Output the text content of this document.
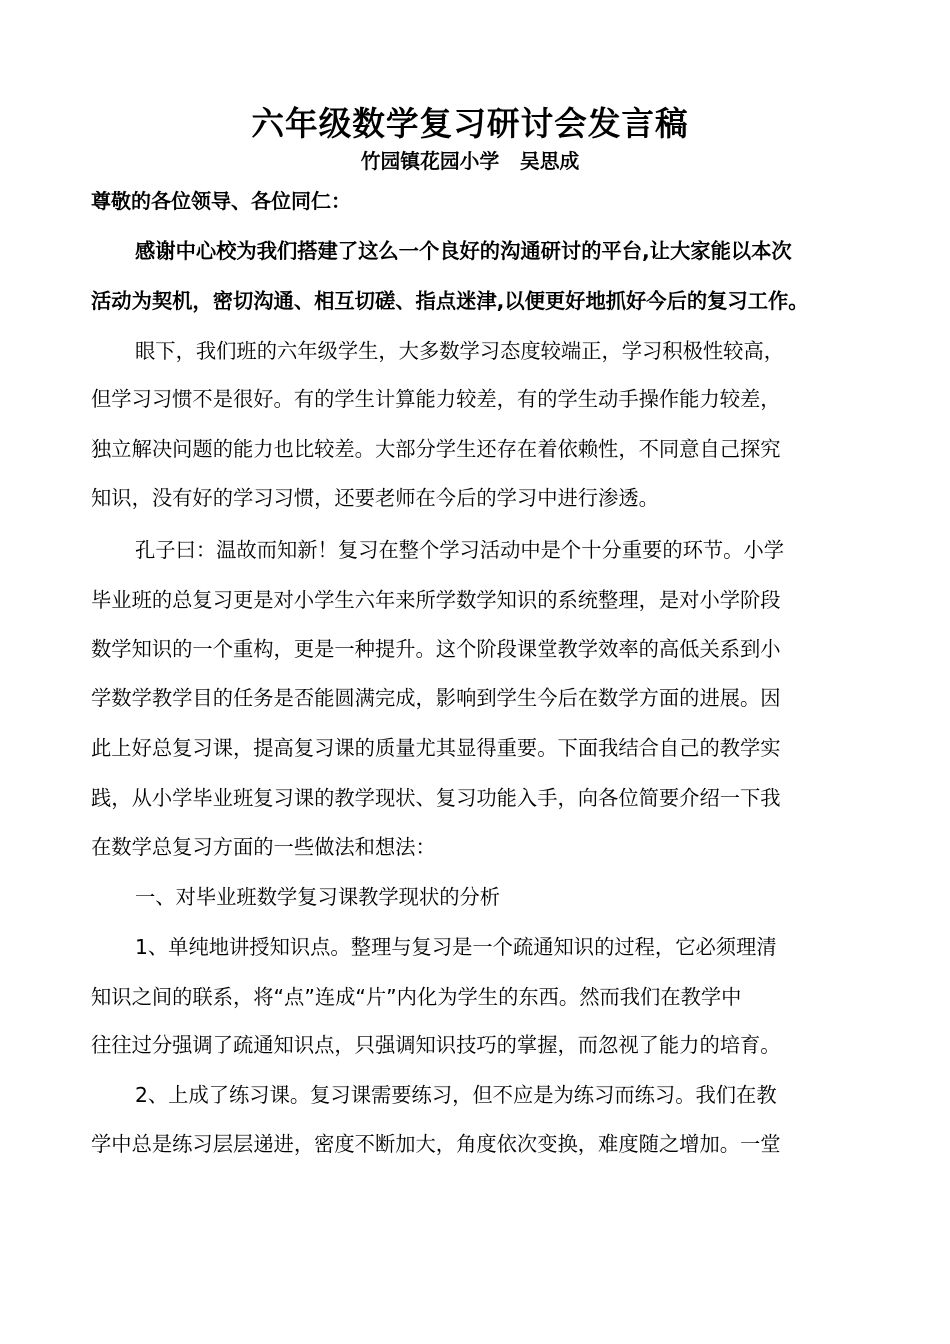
六年级数学复习研讨会发言稿
竹园镇花园小学   吴思成
尊敬的各位领导、各位同仁：
感谢中心校为我们搭建了这么一个良好的沟通研讨的平台,让大家能以本次
活动为契机，密切沟通、相互切磋、指点迷津,以便更好地抓好今后的复习工作。
眼下，我们班的六年级学生，大多数学习态度较端正，学习积极性较高，
但学习习惯不是很好。有的学生计算能力较差，有的学生动手操作能力较差，
独立解决问题的能力也比较差。大部分学生还存在着依赖性，不同意自己探究
知识，没有好的学习习惯，还要老师在今后的学习中进行渗透。
孔子曰：温故而知新！复习在整个学习活动中是个十分重要的环节。小学
毕业班的总复习更是对小学生六年来所学数学知识的系统整理，是对小学阶段
数学知识的一个重构，更是一种提升。这个阶段课堂教学效率的高低关系到小
学数学教学目的任务是否能圆满完成，影响到学生今后在数学方面的进展。因
此上好总复习课，提高复习课的质量尤其显得重要。下面我结合自己的教学实
践，从小学毕业班复习课的教学现状、复习功能入手，向各位简要介绍一下我
在数学总复习方面的一些做法和想法：
一、对毕业班数学复习课教学现状的分析
1、单纯地讲授知识点。整理与复习是一个疏通知识的过程，它必须理清
知识之间的联系，将“点”连成“片”内化为学生的东西。然而我们在教学中
往往过分强调了疏通知识点，只强调知识技巧的掌握，而忽视了能力的培育。
2、上成了练习课。复习课需要练习，但不应是为练习而练习。我们在教
学中总是练习层层递进，密度不断加大，角度依次变换，难度随之增加。一堂
